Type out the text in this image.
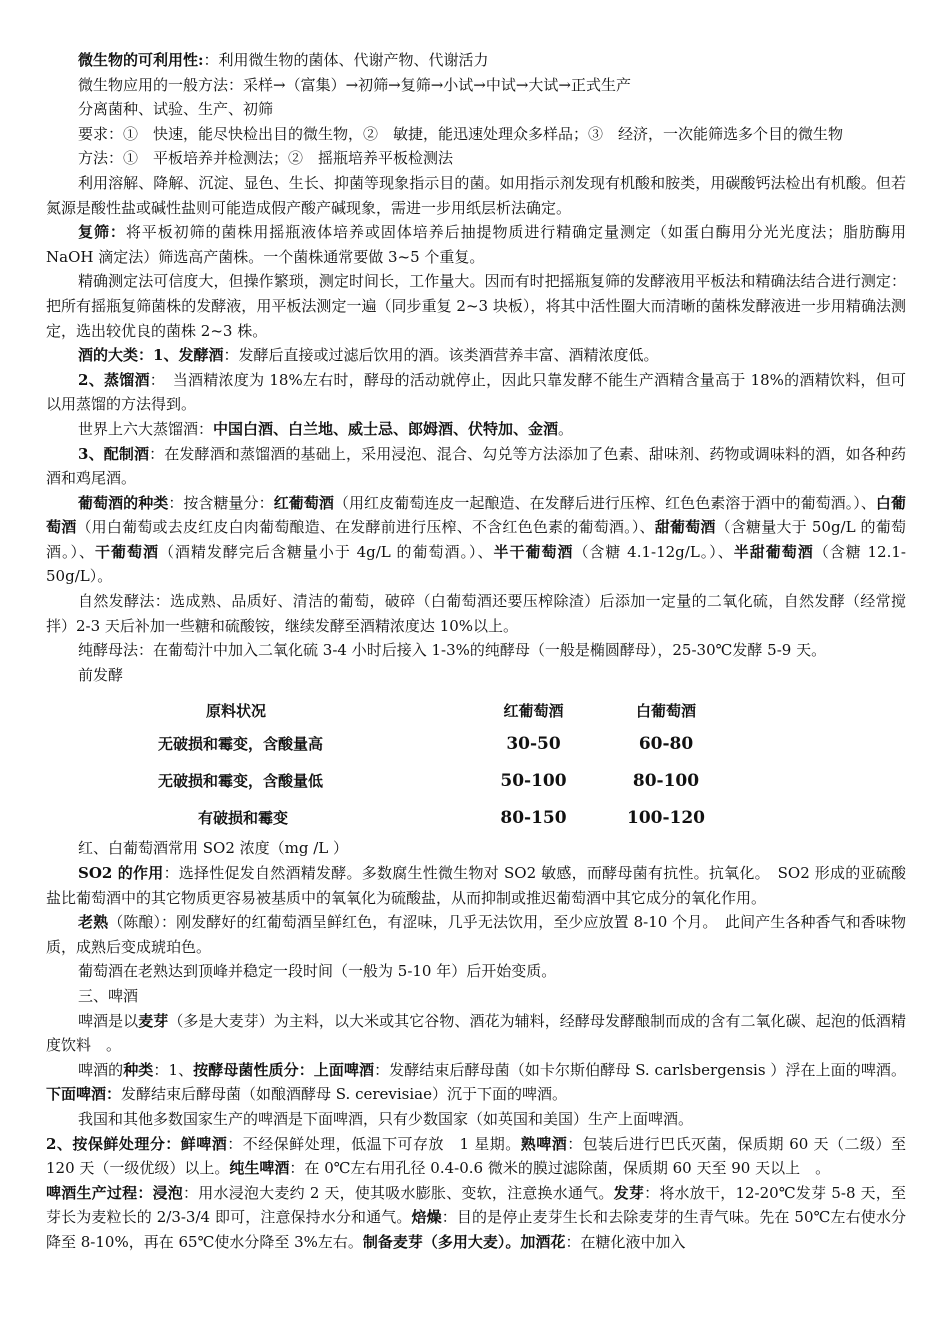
微生物的可利用性:：利用微生物的菌体、代谢产物、代谢活力

微生物应用的一般方法：采样→（富集）→初筛→复筛→小试→中试→大试→正式生产

分离菌种、试验、生产、初筛

要求：①　快速，能尽快检出目的微生物，②　敏捷，能迅速处理众多样品；③　经济，一次能筛选多个目的微生物

方法：①　平板培养并检测法；②　摇瓶培养平板检测法

利用溶解、降解、沉淀、显色、生长、抑菌等现象指示目的菌。如用指示剂发现有机酸和胺类，用碳酸钙法检出有机酸。但若氮源是酸性盐或碱性盐则可能造成假产酸产碱现象，需进一步用纸层析法确定。

复筛：将平板初筛的菌株用摇瓶液体培养或固体培养后抽提物质进行精确定量测定（如蛋白酶用分光光度法；脂肪酶用 NaOH 滴定法）筛选高产菌株。一个菌株通常要做 3~5 个重复。

精确测定法可信度大，但操作繁琐，测定时间长，工作量大。因而有时把摇瓶复筛的发酵液用平板法和精确法结合进行测定：把所有摇瓶复筛菌株的发酵液，用平板法测定一遍（同步重复 2~3 块板），将其中活性圈大而清晰的菌株发酵液进一步用精确法测定，选出较优良的菌株 2~3 株。

酒的大类：1、发酵酒：发酵后直接或过滤后饮用的酒。该类酒营养丰富、酒精浓度低。

2、蒸馏酒：　当酒精浓度为 18%左右时，酵母的活动就停止，因此只靠发酵不能生产酒精含量高于 18%的酒精饮料，但可以用蒸馏的方法得到。

世界上六大蒸馏酒：中国白酒、白兰地、威士忌、郎姆酒、伏特加、金酒。

3、配制酒：在发酵酒和蒸馏酒的基础上，采用浸泡、混合、勾兑等方法添加了色素、甜味剂、药物或调味料的酒，如各种药酒和鸡尾酒。

葡萄酒的种类：按含糖量分：红葡萄酒（用红皮葡萄连皮一起酿造、在发酵后进行压榨、红色色素溶于酒中的葡萄酒。）、白葡萄酒（用白葡萄或去皮红皮白肉葡萄酿造、在发酵前进行压榨、不含红色色素的葡萄酒。）、甜葡萄酒（含糖量大于 50g/L 的葡萄酒。）、干葡萄酒（酒精发酵完后含糖量小于 4g/L 的葡萄酒。）、半干葡萄酒（含糖 4.1-12g/L。）、半甜葡萄酒（含糖 12.1-50g/L）。

自然发酵法：选成熟、品质好、清洁的葡萄，破碎（白葡萄酒还要压榨除渣）后添加一定量的二氧化硫，自然发酵（经常搅拌）2-3 天后补加一些糖和硫酸铵，继续发酵至酒精浓度达 10%以上。

纯酵母法：在葡萄汁中加入二氧化硫 3-4 小时后接入 1-3%的纯酵母（一般是椭圆酵母），25-30℃发酵 5-9 天。

前发酵

原料状况	红葡萄酒	白葡萄酒
无破损和霉变，含酸量高	30-50	60-80
无破损和霉变，含酸量低	50-100	80-100
有破损和霉变	80-150	100-120

红、白葡萄酒常用 SO2 浓度（mg /L ）

SO2 的作用：选择性促发自然酒精发酵。多数腐生性微生物对 SO2 敏感，而酵母菌有抗性。抗氧化。　SO2 形成的亚硫酸盐比葡萄酒中的其它物质更容易被基质中的氧氧化为硫酸盐，从而抑制或推迟葡萄酒中其它成分的氧化作用。

老熟（陈酿）：刚发酵好的红葡萄酒呈鲜红色，有涩味，几乎无法饮用，至少应放置 8-10 个月。　此间产生各种香气和香味物质，成熟后变成琥珀色。

葡萄酒在老熟达到顶峰并稳定一段时间（一般为 5-10 年）后开始变质。

三、啤酒

啤酒是以麦芽（多是大麦芽）为主料，以大米或其它谷物、酒花为辅料，经酵母发酵酿制而成的含有二氧化碳、起泡的低酒精度饮料　。

啤酒的种类：1、按酵母菌性质分：上面啤酒：发酵结束后酵母菌（如卡尔斯伯酵母 S. carlsbergensis ）浮在上面的啤酒。下面啤酒：发酵结束后酵母菌（如酿酒酵母 S. cerevisiae）沉于下面的啤酒。

我国和其他多数国家生产的啤酒是下面啤酒，只有少数国家（如英国和美国）生产上面啤酒。

2、按保鲜处理分：鲜啤酒：不经保鲜处理，低温下可存放　1 星期。熟啤酒：包装后进行巴氏灭菌，保质期 60 天（二级）至 120 天（一级优级）以上。纯生啤酒：在 0℃左右用孔径 0.4-0.6 微米的膜过滤除菌，保质期 60 天至 90 天以上　。

啤酒生产过程：浸泡：用水浸泡大麦约 2 天，使其吸水膨胀、变软，注意换水通气。发芽：将水放干，12-20℃发芽 5-8 天，至芽长为麦粒长的 2/3-3/4 即可，注意保持水分和通气。焙燥：目的是停止麦芽生长和去除麦芽的生青气味。先在 50℃左右使水分降至 8-10%，再在 65℃使水分降至 3%左右。制备麦芽（多用大麦）。加酒花：在糖化液中加入
